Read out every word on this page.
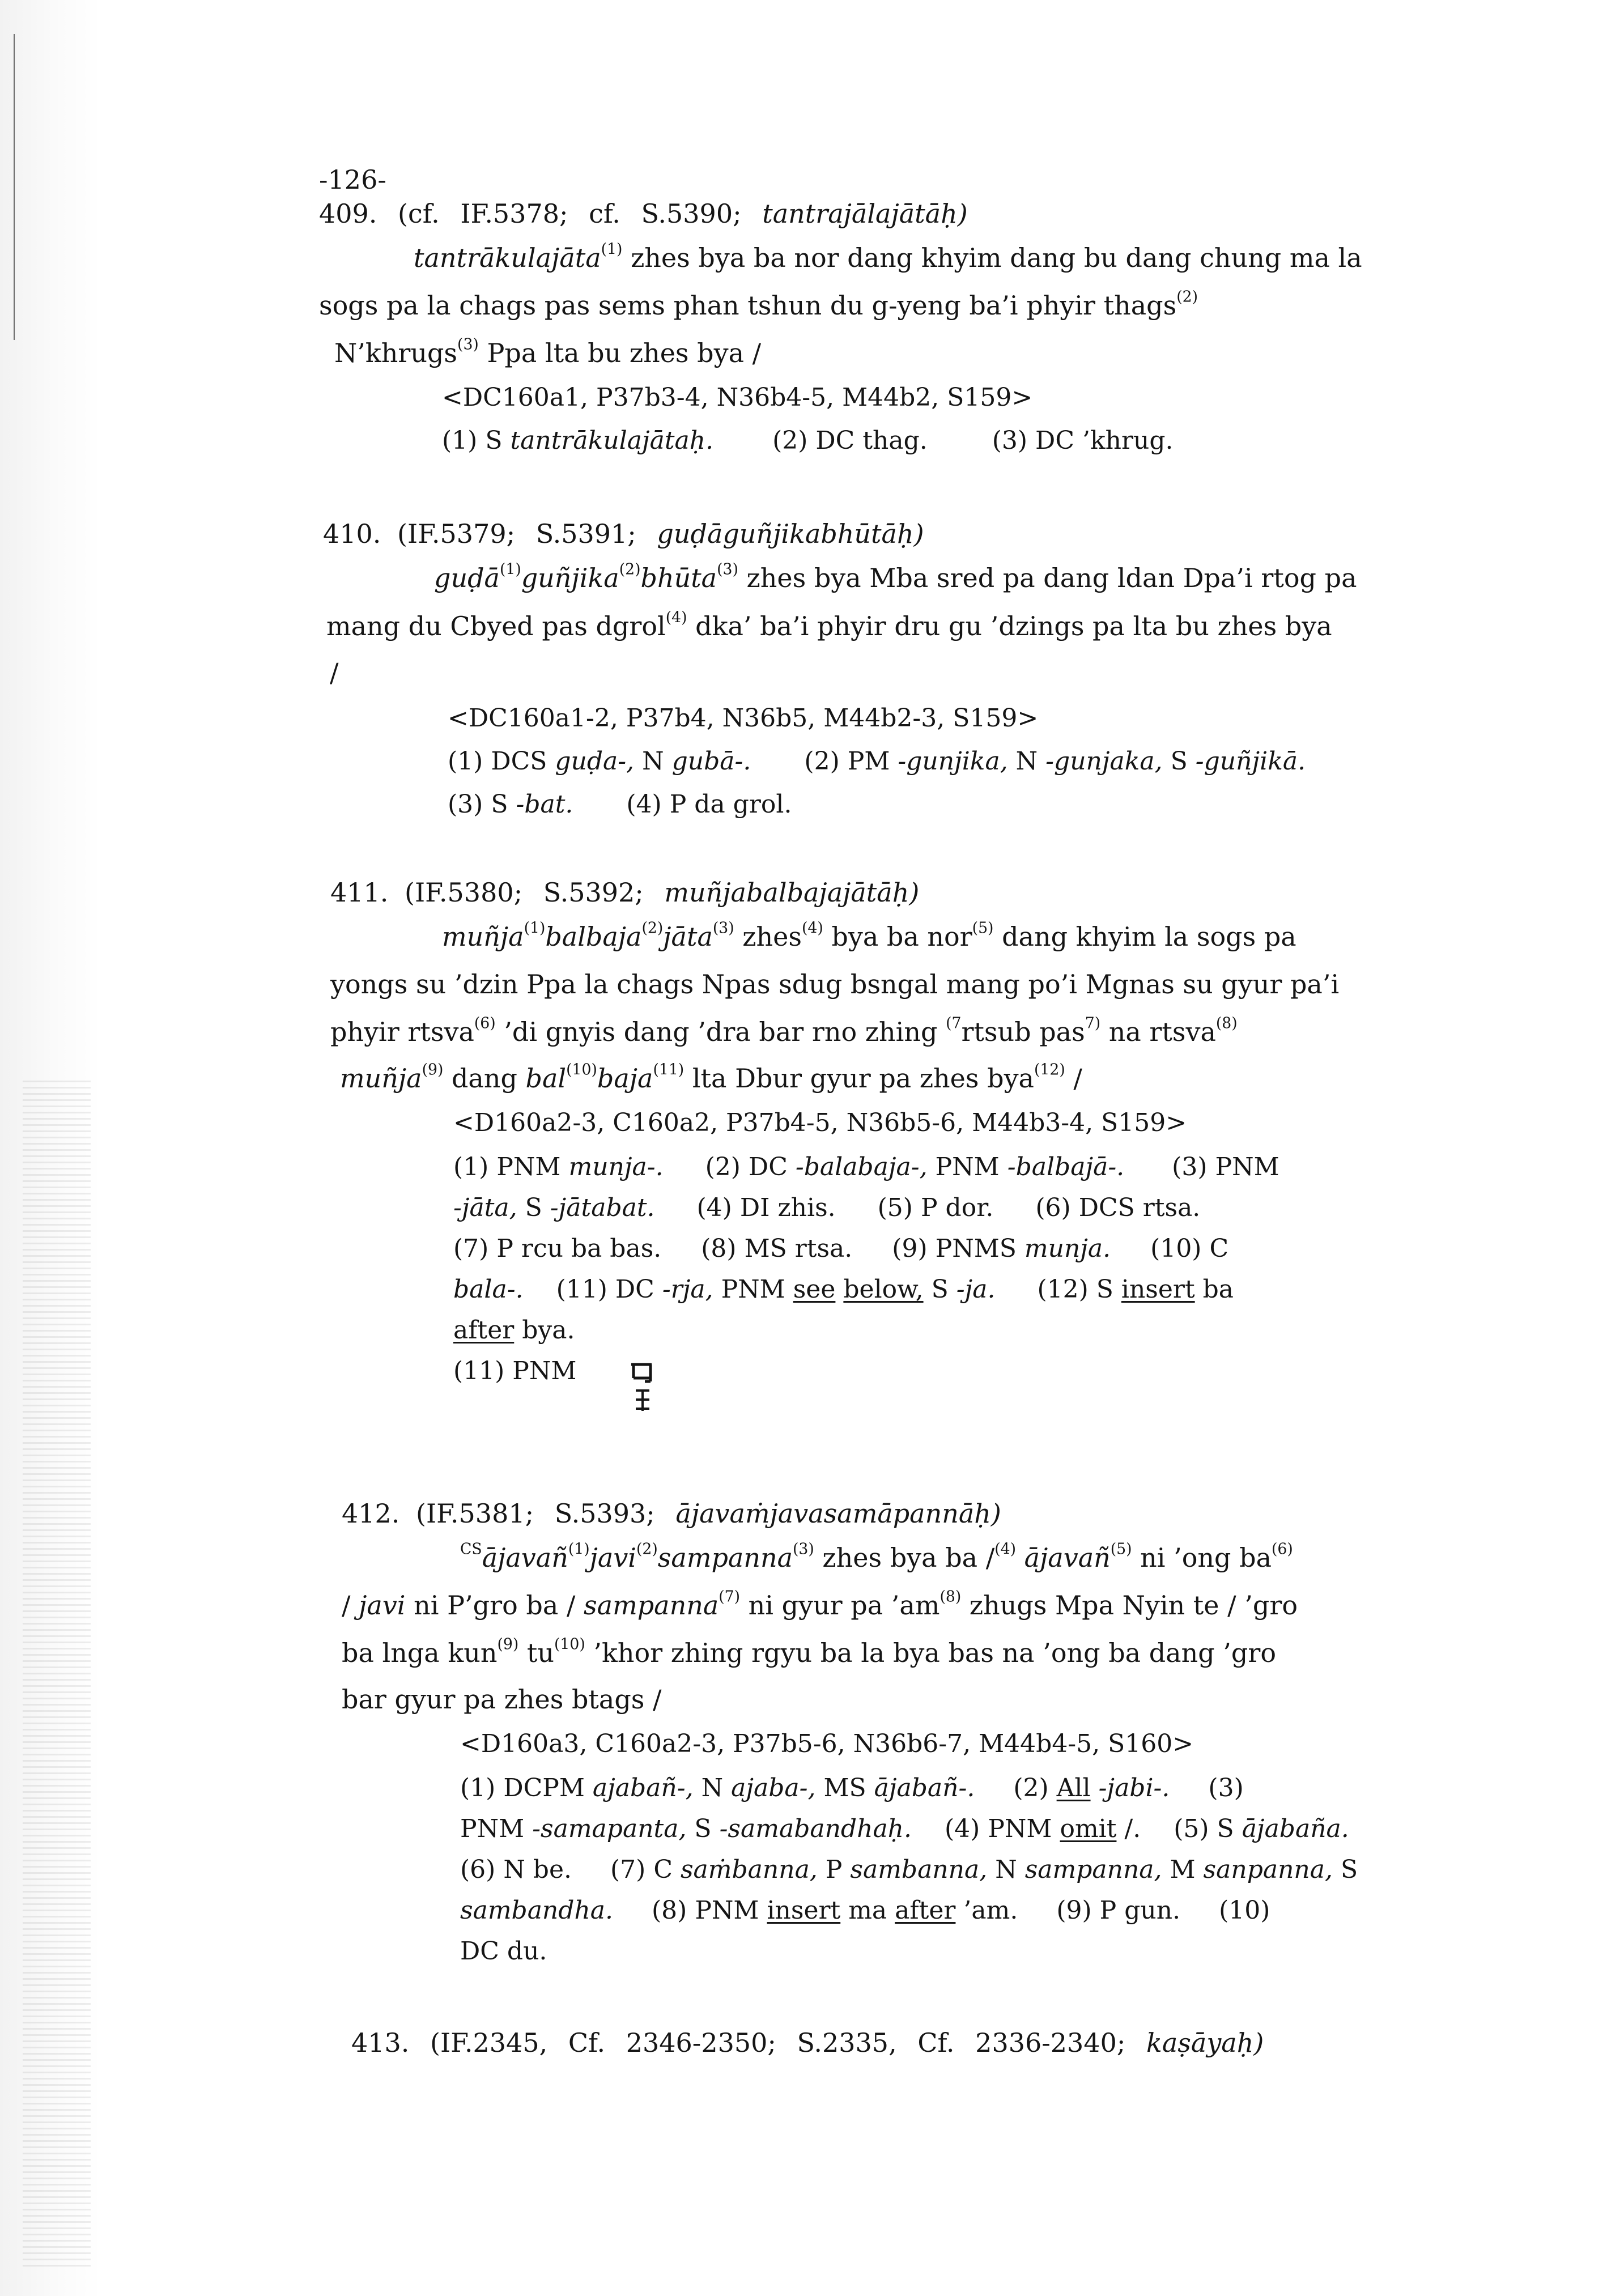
-126-
409. (cf. IF.5378; cf. S.5390; tantrajālajātāḥ)
tantrākulajāta$^{(1)}$ zhes bya ba nor dang khyim dang bu dang chung ma la
sogs pa la chags pas sems phan tshun du g-yeng ba’i phyir thags$^{(2)}$
N’khrugs$^{(3)}$ Ppa lta bu zhes bya /
<DC160a1, P37b3-4, N36b4-5, M44b2, S159>
(1) S tantrākulajātaḥ. (2) DC thag.	(3) DC ’khrug.
410. (IF.5379; S.5391; guḍāguñjikabhūtāḥ)
guḍā$^{(1)}$guñjika$^{(2)}$bhūta$^{(3)}$ zhes bya Mba sred pa dang ldan Dpa’i rtog pa
mang du Cbyed pas dgrol$^{(4)}$ dka’ ba’i phyir dru gu ’dzings pa lta bu zhes bya
/
<DC160a1-2, P37b4, N36b5, M44b2-3, S159>
(1) DCS guḍa-, N gubā-. (2) PM -gunjika, N -gunjaka, S -guñjikā.
(3) S -bat. (4) P da grol.
411. (IF.5380; S.5392; muñjabalbajajātāḥ)
muñja$^{(1)}$balbaja$^{(2)}$jāta$^{(3)}$ zhes$^{(4)}$ bya ba nor$^{(5)}$ dang khyim la sogs pa
yongs su ’dzin Ppa la chags Npas sdug bsngal mang po’i Mgnas su gyur pa’i
phyir rtsva$^{(6)}$ ’di gnyis dang ’dra bar rno zhing $^{(7}$rtsub pas$^{7)}$ na rtsva$^{(8)}$
muñja$^{(9)}$ dang bal$^{(10)}$baja$^{(11)}$ lta Dbur gyur pa zhes bya$^{(12)}$ /
<D160a2-3, C160a2, P37b4-5, N36b5-6, M44b3-4, S159>
(1) PNM munja-. (2) DC -balabaja-, PNM -balbajā-. (3) PNM
-jāta, S -jātabat. (4) DI zhis. (5) P dor. (6) DCS rtsa.
(7) P rcu ba bas. (8) MS rtsa. (9) PNMS munja. (10) C
bala-. (11) DC -rja, PNM see below, S -ja. (12) S insert ba
after bya.
(11) PNM
412. (IF.5381; S.5393; ājavaṁjavasamāpannāḥ)
$^{CS}$ājavañ$^{(1)}$javi$^{(2)}$sampanna$^{(3)}$ zhes bya ba /$^{(4)}$ ājavañ$^{(5)}$ ni ’ong $ba^{(6)}$
/ javi ni P’gro ba / sampanna$^{(7)}$ ni gyur pa $’am^{(8)}$ zhugs Mpa Nyin te / ’gro
ba lnga kun$^{(9)}$ $tu^{(10)}$ ’khor zhing rgyu ba la bya bas na ’ong ba dang ’gro
bar gyur pa zhes btags /
<D160a3, C160a2-3, P37b5-6, N36b6-7, M44b4-5, S160>
(1) DCPM ajabañ-, N ajaba-, MS ājabañ-. (2) All -jabi-. (3)
PNM -samapanta, S -samabandhaḥ. (4) PNM omit /. (5) S ājabaña.
(6) N be. (7) C saṁbanna, P sambanna, N sampanna, M sanpanna, S
sambandha. (8) PNM insert ma after ’am. (9) P gun. (10)
DC du.
413. (IF.2345, Cf. 2346-2350; S.2335, Cf. 2336-2340; kaṣāyaḥ)
